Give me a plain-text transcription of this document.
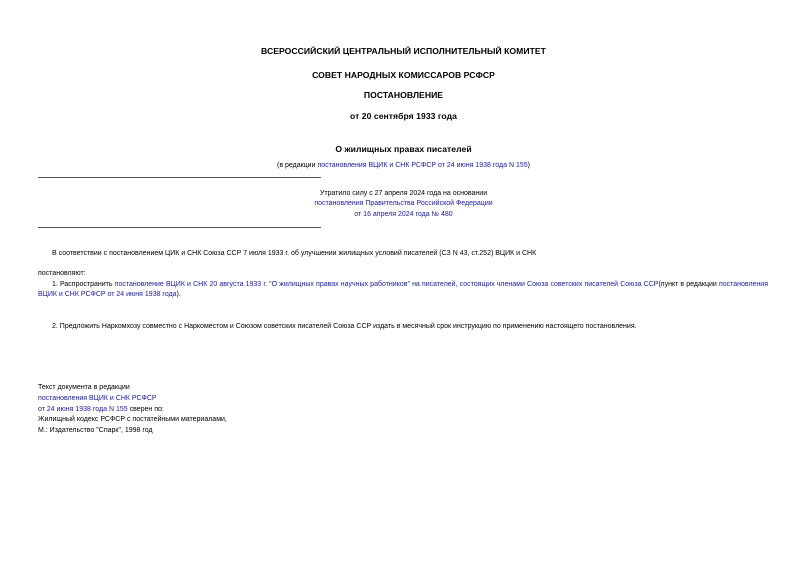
ВСЕРОССИЙСКИЙ ЦЕНТРАЛЬНЫЙ ИСПОЛНИТЕЛЬНЫЙ КОМИТЕТ
СОВЕТ НАРОДНЫХ КОМИССАРОВ РСФСР
ПОСТАНОВЛЕНИЕ
от 20 сентября 1933 года
О жилищных правах писателей
(в редакции постановления ВЦИК и СНК РСФСР от 24 июня 1938 года N 155)
Утратило силу с 27 апреля 2024 года на основании
постановления Правительства Российской Федерации
от 16 апреля 2024 года № 480
В соответствии с постановлением ЦИК и СНК Союза ССР 7 июля 1933 г. об улучшении жилищных условий писателей (СЗ N 43, ст.252) ВЦИК и СНК
постановляют:
1. Распространить постановление ВЦИК и СНК 20 августа 1933 г. "О жилищных правах научных работников" на писателей, состоящих членами Союза советских писателей Союза ССР(пункт в редакции постановления ВЦИК и СНК РСФСР от 24 июня 1938 года).
2. Предложить Наркомхозу совместно с Наркоместом и Союзом советских писателей Союза ССР издать в месячный срок инструкцию по применению настоящего постановления.
Текст документа в редакции
постановления ВЦИК и СНК РСФСР
от 24 июня 1938 года N 155 сверен по:
Жилищный кодекс РСФСР с постатейными материалами,
М.: Издательство "Спарк", 1998 год
